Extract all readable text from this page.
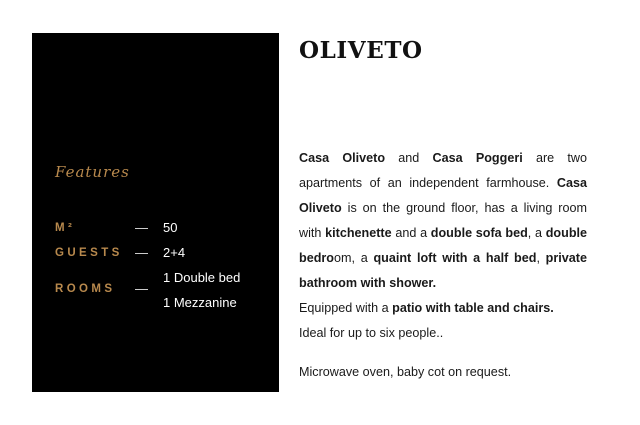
Features
M²	— 50
GUESTS — 2+4
ROOMS —
1 Double bed
1 Mezzanine
OLIVETO

Casa Oliveto and Casa Poggeri are two apartments of an independent farmhouse. Casa Oliveto is on the ground floor, has a living room with kitchenette and a double sofa bed, a double bedroom, a quaint loft with a half bed, private bathroom with shower.

Equipped with a patio with table and chairs.
Ideal for up to six people..
Microwave oven, baby cot on request.
